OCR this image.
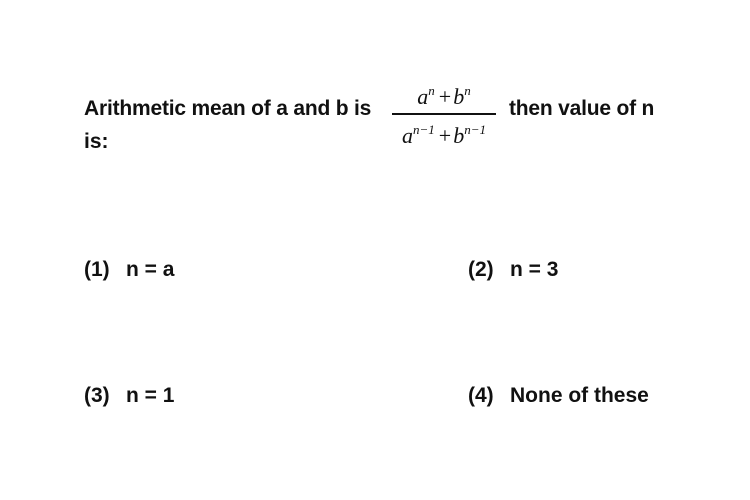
Arithmetic mean of a and b is	$a^n +b^n$
$a^{n-1} +b^{n-1}$
then value of n
is:
(1) n = a	(2) n = 3
(3) n = 1	(4) None of these
